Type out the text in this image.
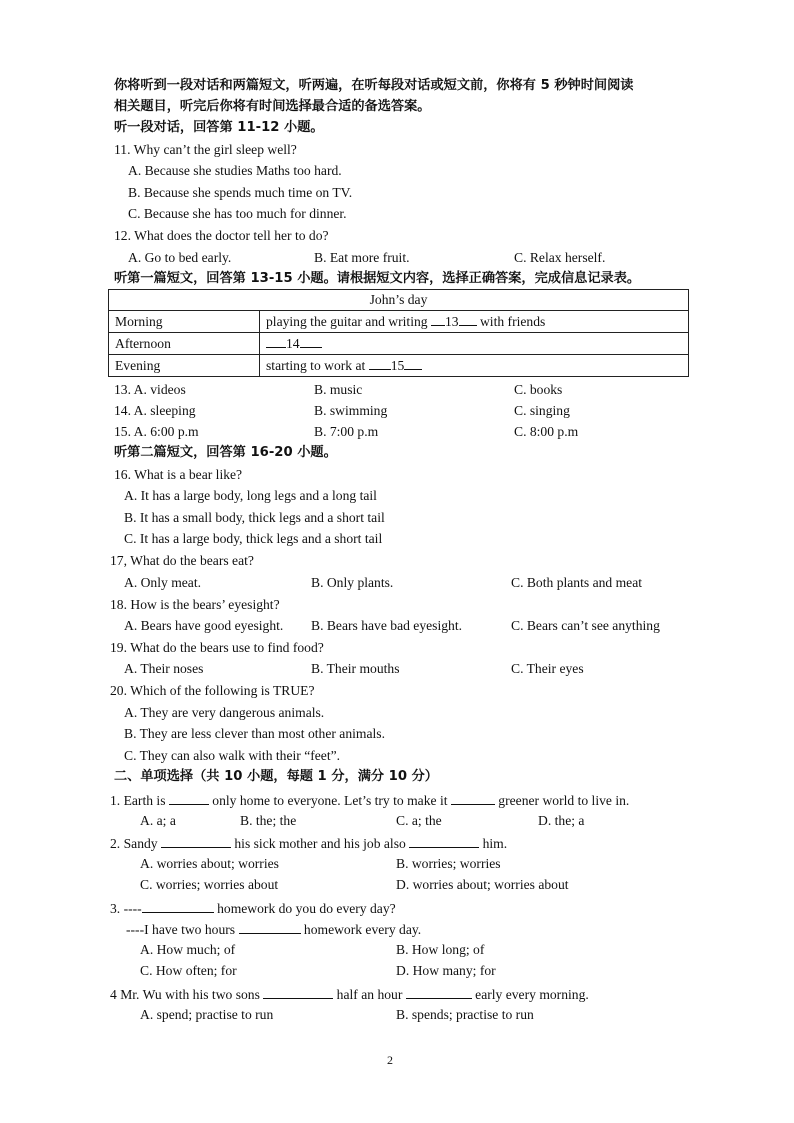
你将听到一段对话和两篇短文，听两遍，在听每段对话或短文前，你将有 5 秒钟时间阅读
相关题目，听完后你将有时间选择最合适的备选答案。
听一段对话，回答第 11-12 小题。
11. Why can’t the girl sleep well?
A. Because she studies Maths too hard.
B. Because she spends much time on TV.
C. Because she has too much for dinner.
12. What does the doctor tell her to do?
A. Go to bed early.	B. Eat more fruit.	C. Relax herself.
听第一篇短文，回答第 13-15 小题。请根据短文内容，选择正确答案，完成信息记录表。
John’s day	
Morning	playing the guitar and writing 13 with friends
Afternoon	14
Evening	starting to work at 15
13. A. videos	B. music	C. books
14. A. sleeping	B. swimming	C. singing
15. A. 6:00 p.m	B. 7:00 p.m	C. 8:00 p.m
听第二篇短文，回答第 16-20 小题。
16. What is a bear like?
A. It has a large body, long legs and a long tail
B. It has a small body, thick legs and a short tail
C. It has a large body, thick legs and a short tail
17, What do the bears eat?
A. Only meat.	B. Only plants.	C. Both plants and meat
18. How is the bears’ eyesight?
A. Bears have good eyesight. B. Bears have bad eyesight.	C. Bears can’t see anything
19. What do the bears use to find food?
A. Their noses	B. Their mouths	C. Their eyes
20. Which of the following is TRUE?
A. They are very dangerous animals.
B. They are less clever than most other animals.
C. They can also walk with their “feet”.
二、单项选择（共 10 小题，每题 1 分，满分 10 分）
1. Earth is	only home to everyone. Let’s try to make it	greener world to live in.
A. a; a	B. the; the	C. a; the	D. the; a
2. Sandy	his sick mother and his job also	him.
A. worries about; worries	B. worries; worries
C. worries; worries about	D. worries about; worries about
3. ----	homework do you do every day?
----I have two hours	homework every day.
A. How much; of	B. How long; of
C. How often; for	D. How many; for
4 Mr. Wu with his two sons	half an hour	early every morning.
A. spend; practise to run	B. spends; practise to run
2
